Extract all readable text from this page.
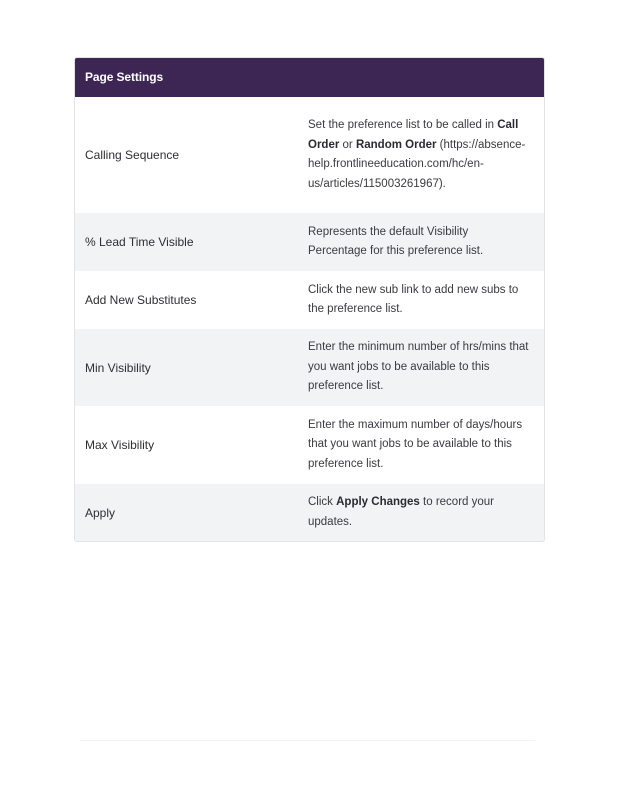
Page Settings
Calling Sequence
Set the preference list to be called in Call Order or Random Order (https://absence-help.frontlineeducation.com/hc/en-us/articles/115003261967).
% Lead Time Visible
Represents the default Visibility Percentage for this preference list.
Add New Substitutes
Click the new sub link to add new subs to the preference list.
Min Visibility
Enter the minimum number of hrs/mins that you want jobs to be available to this preference list.
Max Visibility
Enter the maximum number of days/hours that you want jobs to be available to this preference list.
Apply
Click Apply Changes to record your updates.
